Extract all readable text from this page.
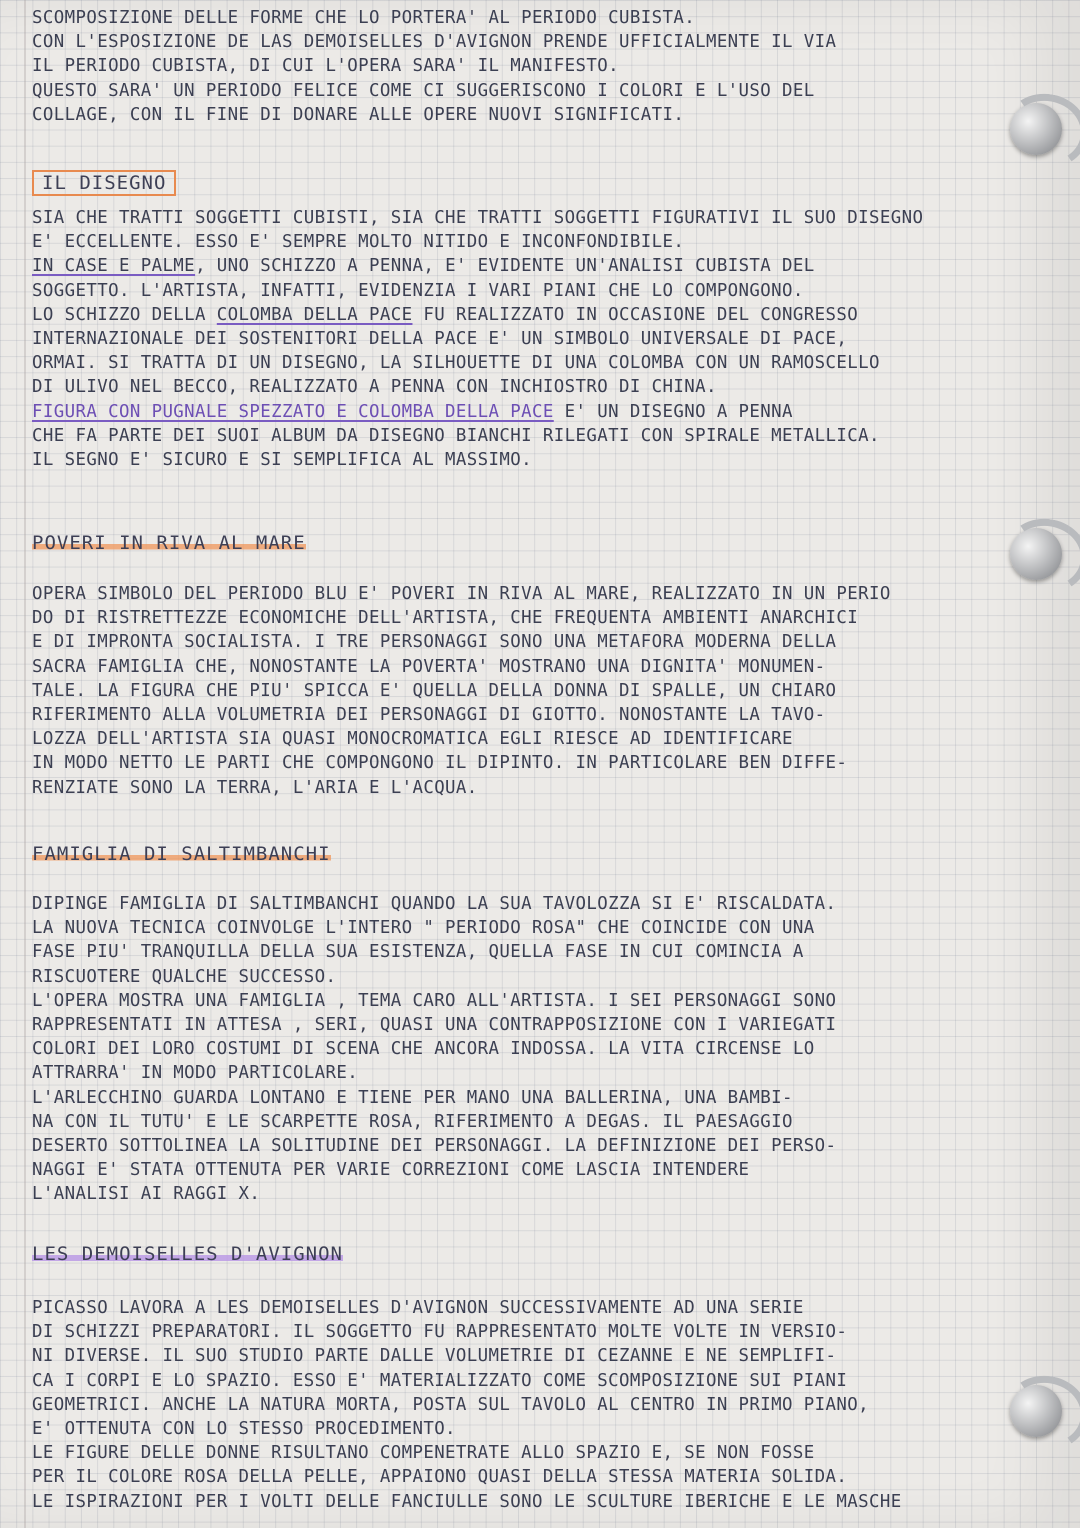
SCOMPOSIZIONE DELLE FORME CHE LO PORTERA' AL PERIODO CUBISTA.
CON L'ESPOSIZIONE DE LAS DEMOISELLES D'AVIGNON PRENDE UFFICIALMENTE IL VIA
IL PERIODO CUBISTA, DI CUI L'OPERA SARA' IL MANIFESTO.
QUESTO SARA' UN PERIODO FELICE COME CI SUGGERISCONO I COLORI E L'USO DEL
COLLAGE, CON IL FINE DI DONARE ALLE OPERE NUOVI SIGNIFICATI.
IL DISEGNO
SIA CHE TRATTI SOGGETTI CUBISTI, SIA CHE TRATTI SOGGETTI FIGURATIVI IL SUO DISEGNO
E' ECCELLENTE. ESSO E' SEMPRE MOLTO NITIDO E INCONFONDIBILE.
IN CASE E PALME, UNO SCHIZZO A PENNA, E' EVIDENTE UN'ANALISI CUBISTA DEL
SOGGETTO. L'ARTISTA, INFATTI, EVIDENZIA I VARI PIANI CHE LO COMPONGONO.
LO SCHIZZO DELLA COLOMBA DELLA PACE FU REALIZZATO IN OCCASIONE DEL CONGRESSO
INTERNAZIONALE DEI SOSTENITORI DELLA PACE E' UN SIMBOLO UNIVERSALE DI PACE,
ORMAI. SI TRATTA DI UN DISEGNO, LA SILHOUETTE DI UNA COLOMBA CON UN RAMOSCELLO
DI ULIVO NEL BECCO, REALIZZATO A PENNA CON INCHIOSTRO DI CHINA.
FIGURA CON PUGNALE SPEZZATO E COLOMBA DELLA PACE E' UN DISEGNO A PENNA
CHE FA PARTE DEI SUOI ALBUM DA DISEGNO BIANCHI RILEGATI CON SPIRALE METALLICA.
IL SEGNO E' SICURO E SI SEMPLIFICA AL MASSIMO.
POVERI IN RIVA AL MARE
OPERA SIMBOLO DEL PERIODO BLU E' POVERI IN RIVA AL MARE, REALIZZATO IN UN PERIO
DO DI RISTRETTEZZE ECONOMICHE DELL'ARTISTA, CHE FREQUENTA AMBIENTI ANARCHICI
E DI IMPRONTA SOCIALISTA. I TRE PERSONAGGI SONO UNA METAFORA MODERNA DELLA
SACRA FAMIGLIA CHE, NONOSTANTE LA POVERTA' MOSTRANO UNA DIGNITA' MONUMEN-
TALE. LA FIGURA CHE PIU' SPICCA E' QUELLA DELLA DONNA DI SPALLE, UN CHIARO
RIFERIMENTO ALLA VOLUMETRIA DEI PERSONAGGI DI GIOTTO. NONOSTANTE LA TAVO-
LOZZA DELL'ARTISTA SIA QUASI MONOCROMATICA EGLI RIESCE AD IDENTIFICARE
IN MODO NETTO LE PARTI CHE COMPONGONO IL DIPINTO. IN PARTICOLARE BEN DIFFE-
RENZIATE SONO LA TERRA, L'ARIA E L'ACQUA.
FAMIGLIA DI SALTIMBANCHI
DIPINGE FAMIGLIA DI SALTIMBANCHI QUANDO LA SUA TAVOLOZZA SI E' RISCALDATA.
LA NUOVA TECNICA COINVOLGE L'INTERO " PERIODO ROSA" CHE COINCIDE CON UNA
FASE PIU' TRANQUILLA DELLA SUA ESISTENZA, QUELLA FASE IN CUI COMINCIA A
RISCUOTERE QUALCHE SUCCESSO.
L'OPERA MOSTRA UNA FAMIGLIA , TEMA CARO ALL'ARTISTA. I SEI PERSONAGGI SONO
RAPPRESENTATI IN ATTESA , SERI, QUASI UNA CONTRAPPOSIZIONE CON I VARIEGATI
COLORI DEI LORO COSTUMI DI SCENA CHE ANCORA INDOSSA. LA VITA CIRCENSE LO
ATTRARRA' IN MODO PARTICOLARE.
L'ARLECCHINO GUARDA LONTANO E TIENE PER MANO UNA BALLERINA, UNA BAMBI-
NA CON IL TUTU' E LE SCARPETTE ROSA, RIFERIMENTO A DEGAS. IL PAESAGGIO
DESERTO SOTTOLINEA LA SOLITUDINE DEI PERSONAGGI. LA DEFINIZIONE DEI PERSO-
NAGGI E' STATA OTTENUTA PER VARIE CORREZIONI COME LASCIA INTENDERE
L'ANALISI AI RAGGI X.
LES DEMOISELLES D'AVIGNON
PICASSO LAVORA A LES DEMOISELLES D'AVIGNON SUCCESSIVAMENTE AD UNA SERIE
DI SCHIZZI PREPARATORI. IL SOGGETTO FU RAPPRESENTATO MOLTE VOLTE IN VERSIO-
NI DIVERSE. IL SUO STUDIO PARTE DALLE VOLUMETRIE DI CEZANNE E NE SEMPLIFI-
CA I CORPI E LO SPAZIO. ESSO E' MATERIALIZZATO COME SCOMPOSIZIONE SUI PIANI
GEOMETRICI. ANCHE LA NATURA MORTA, POSTA SUL TAVOLO AL CENTRO IN PRIMO PIANO,
E' OTTENUTA CON LO STESSO PROCEDIMENTO.
LE FIGURE DELLE DONNE RISULTANO COMPENETRATE ALLO SPAZIO E, SE NON FOSSE
PER IL COLORE ROSA DELLA PELLE, APPAIONO QUASI DELLA STESSA MATERIA SOLIDA.
LE ISPIRAZIONI PER I VOLTI DELLE FANCIULLE SONO LE SCULTURE IBERICHE E LE MASCHE
